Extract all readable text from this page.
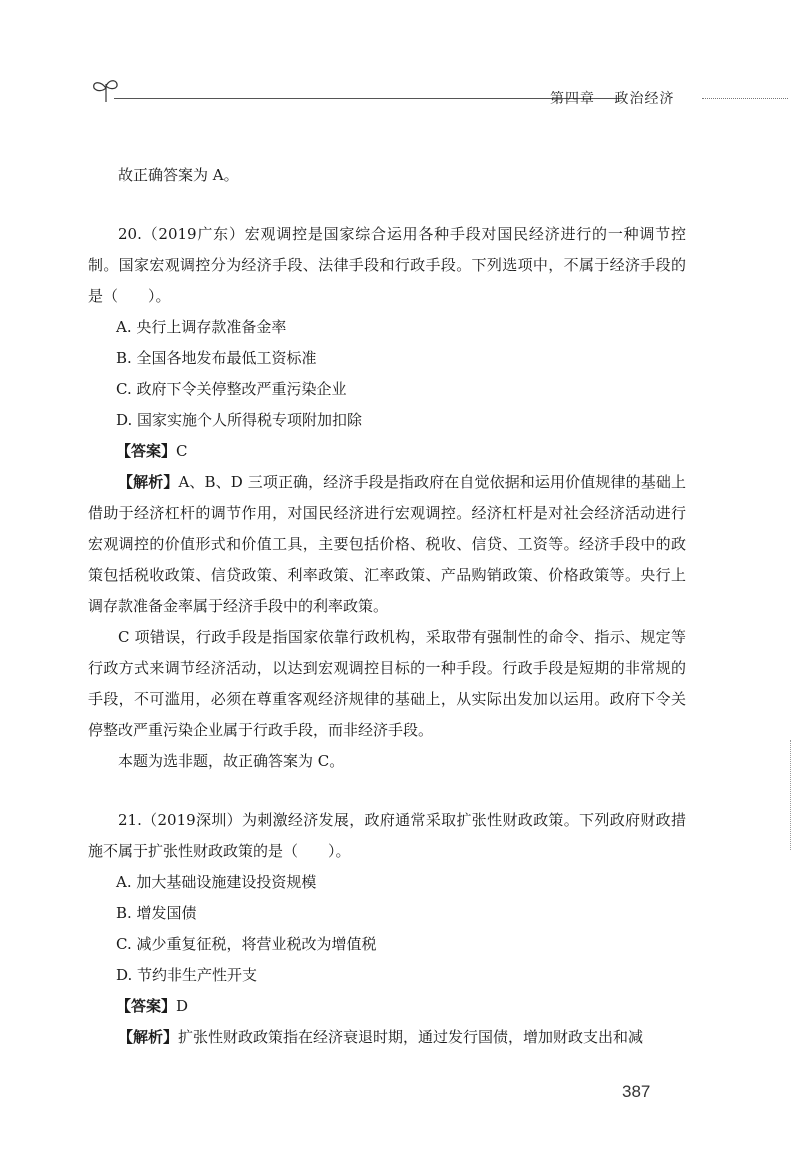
第四章 政治经济

故正确答案为 A。

20.（2019广东）宏观调控是国家综合运用各种手段对国民经济进行的一种调节控制。国家宏观调控分为经济手段、法律手段和行政手段。下列选项中，不属于经济手段的是（　　）。

A. 央行上调存款准备金率

B. 全国各地发布最低工资标准

C. 政府下令关停整改严重污染企业

D. 国家实施个人所得税专项附加扣除

【答案】C

【解析】A、B、D 三项正确，经济手段是指政府在自觉依据和运用价值规律的基础上借助于经济杠杆的调节作用，对国民经济进行宏观调控。经济杠杆是对社会经济活动进行宏观调控的价值形式和价值工具，主要包括价格、税收、信贷、工资等。经济手段中的政策包括税收政策、信贷政策、利率政策、汇率政策、产品购销政策、价格政策等。央行上调存款准备金率属于经济手段中的利率政策。

C 项错误，行政手段是指国家依靠行政机构，采取带有强制性的命令、指示、规定等行政方式来调节经济活动，以达到宏观调控目标的一种手段。行政手段是短期的非常规的手段，不可滥用，必须在尊重客观经济规律的基础上，从实际出发加以运用。政府下令关停整改严重污染企业属于行政手段，而非经济手段。

本题为选非题，故正确答案为 C。

21.（2019深圳）为刺激经济发展，政府通常采取扩张性财政政策。下列政府财政措施不属于扩张性财政政策的是（　　）。

A. 加大基础设施建设投资规模

B. 增发国债

C. 减少重复征税，将营业税改为增值税

D. 节约非生产性开支

【答案】D

【解析】扩张性财政政策指在经济衰退时期，通过发行国债，增加财政支出和减

387
